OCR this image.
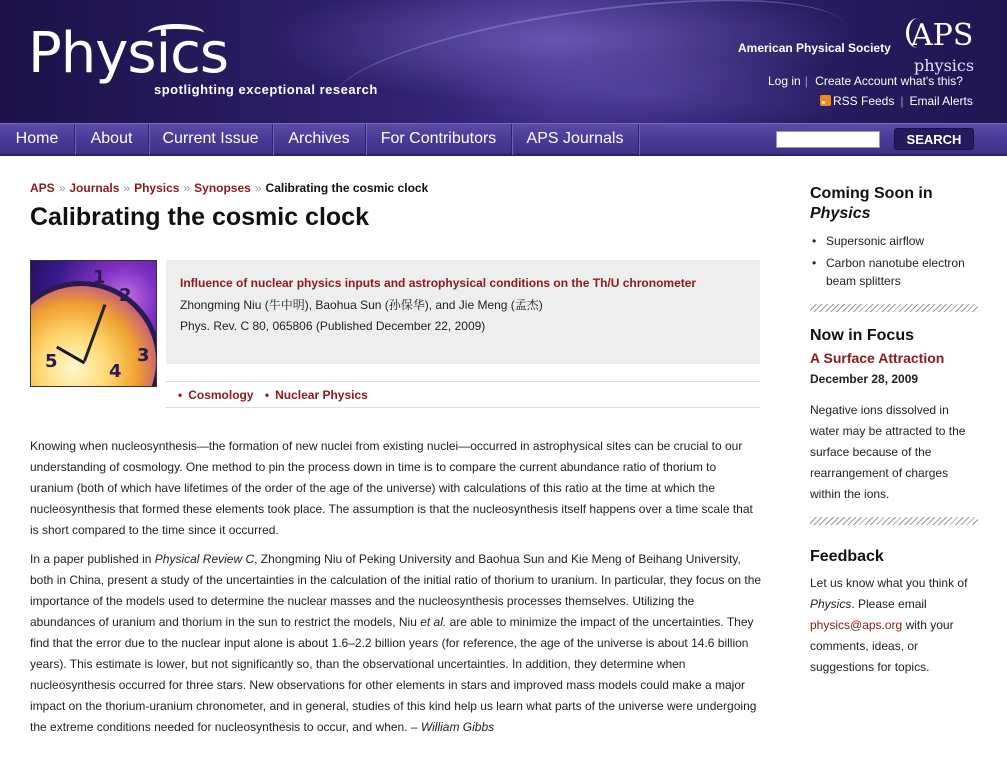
Physics
spotlighting exceptional research
American Physical Society APS
physics
Log in | Create Account what's this?
RSS Feeds | Email Alerts
Home	About	Current Issue	Archives	For Contributors	APS Journals	SEARCH
APS » Journals » Physics » Synopses » Calibrating the cosmic clock
Calibrating the cosmic clock
1
2
3
4
5
Influence of nuclear physics inputs and astrophysical conditions on the Th/U chronometer
Zhongming Niu (牛中明), Baohua Sun (孙保华), and Jie Meng (孟杰)
Phys. Rev. C 80, 065806 (Published December 22, 2009)
• Cosmology • Nuclear Physics

Knowing when nucleosynthesis—the formation of new nuclei from existing nuclei—occurred in astrophysical sites can be crucial to our understanding of cosmology. One method to pin the process down in time is to compare the current abundance ratio of thorium to uranium (both of which have lifetimes of the order of the age of the universe) with calculations of this ratio at the time at which the nucleosynthesis that formed these elements took place. The assumption is that the nucleosynthesis itself happens over a time scale that is short compared to the time since it occurred.

In a paper published in Physical Review C, Zhongming Niu of Peking University and Baohua Sun and Kie Meng of Beihang University, both in China, present a study of the uncertainties in the calculation of the initial ratio of thorium to uranium. In particular, they focus on the importance of the models used to determine the nuclear masses and the nucleosynthesis processes themselves. Utilizing the abundances of uranium and thorium in the sun to restrict the models, Niu et al. are able to minimize the impact of the uncertainties. They find that the error due to the nuclear input alone is about 1.6–2.2 billion years (for reference, the age of the universe is about 14.6 billion years). This estimate is lower, but not significantly so, than the observational uncertainties. In addition, they determine when nucleosynthesis occurred for three stars. New observations for other elements in stars and improved mass models could make a major impact on the thorium-uranium chronometer, and in general, studies of this kind help us learn what parts of the universe were undergoing the extreme conditions needed for nucleosynthesis to occur, and when. – William Gibbs

Coming Soon in
Physics
• Supersonic airflow
• Carbon nanotube electron beam splitters
Now in Focus
A Surface Attraction
December 28, 2009
Negative ions dissolved in water may be attracted to the surface because of the rearrangement of charges within the ions.
Feedback
Let us know what you think of Physics. Please email physics@aps.org with your comments, ideas, or suggestions for topics.
